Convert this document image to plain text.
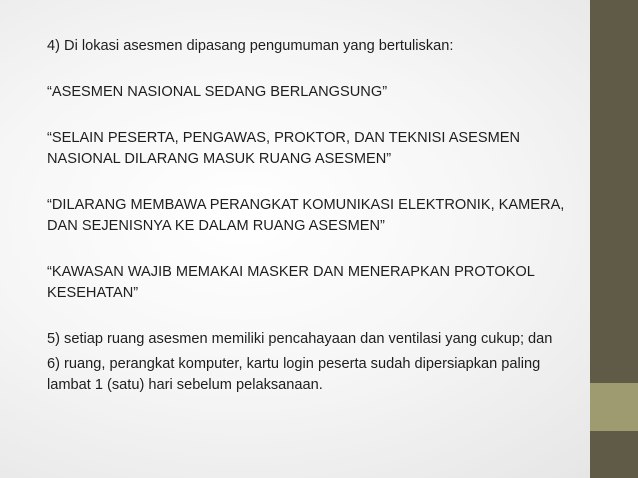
4) Di lokasi asesmen dipasang pengumuman yang bertuliskan:

“ASESMEN NASIONAL SEDANG BERLANGSUNG”

“SELAIN PESERTA, PENGAWAS, PROKTOR, DAN TEKNISI ASESMEN NASIONAL DILARANG MASUK RUANG ASESMEN”

“DILARANG MEMBAWA PERANGKAT KOMUNIKASI ELEKTRONIK, KAMERA, DAN SEJENISNYA KE DALAM RUANG ASESMEN”

“KAWASAN WAJIB MEMAKAI MASKER DAN MENERAPKAN PROTOKOL KESEHATAN”

5) setiap ruang asesmen memiliki pencahayaan dan ventilasi yang cukup; dan

6) ruang, perangkat komputer, kartu login peserta sudah dipersiapkan paling lambat 1 (satu) hari sebelum pelaksanaan.
